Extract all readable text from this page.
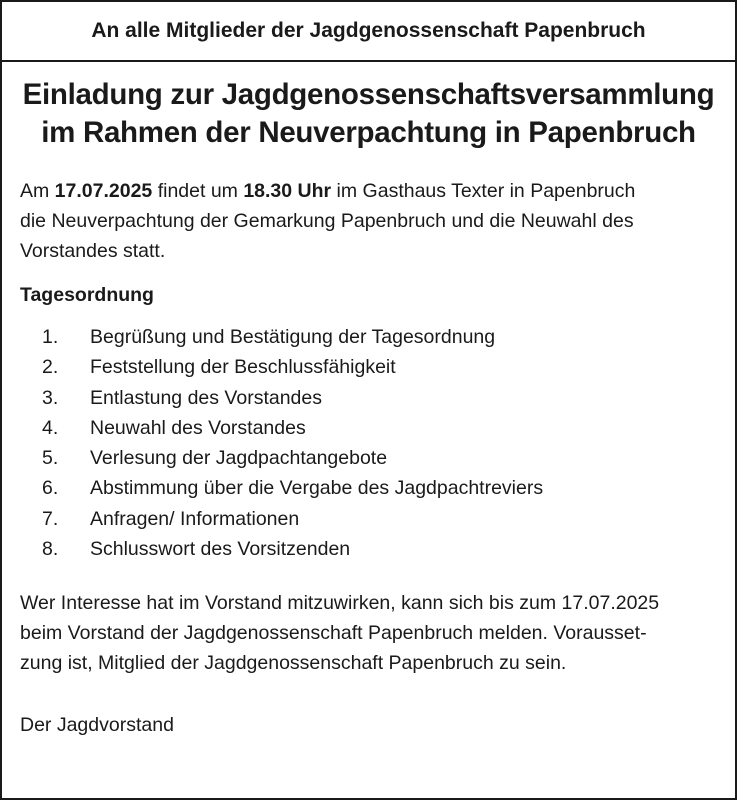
An alle Mitglieder der Jagdgenossenschaft Papenbruch
Einladung zur Jagdgenossenschaftsversammlung
im Rahmen der Neuverpachtung in Papenbruch
Am 17.07.2025 findet um 18.30 Uhr im Gasthaus Texter in Papenbruch
die Neuverpachtung der Gemarkung Papenbruch und die Neuwahl des
Vorstandes statt.
Tagesordnung
1.	Begrüßung und Bestätigung der Tagesordnung
2.	Feststellung der Beschlussfähigkeit
3.	Entlastung des Vorstandes
4.	Neuwahl des Vorstandes
5.	Verlesung der Jagdpachtangebote
6.	Abstimmung über die Vergabe des Jagdpachtreviers
7.	Anfragen/ Informationen
8.	Schlusswort des Vorsitzenden
Wer Interesse hat im Vorstand mitzuwirken, kann sich bis zum 17.07.2025
beim Vorstand der Jagdgenossenschaft Papenbruch melden. Vorausset-
zung ist, Mitglied der Jagdgenossenschaft Papenbruch zu sein.
Der Jagdvorstand
